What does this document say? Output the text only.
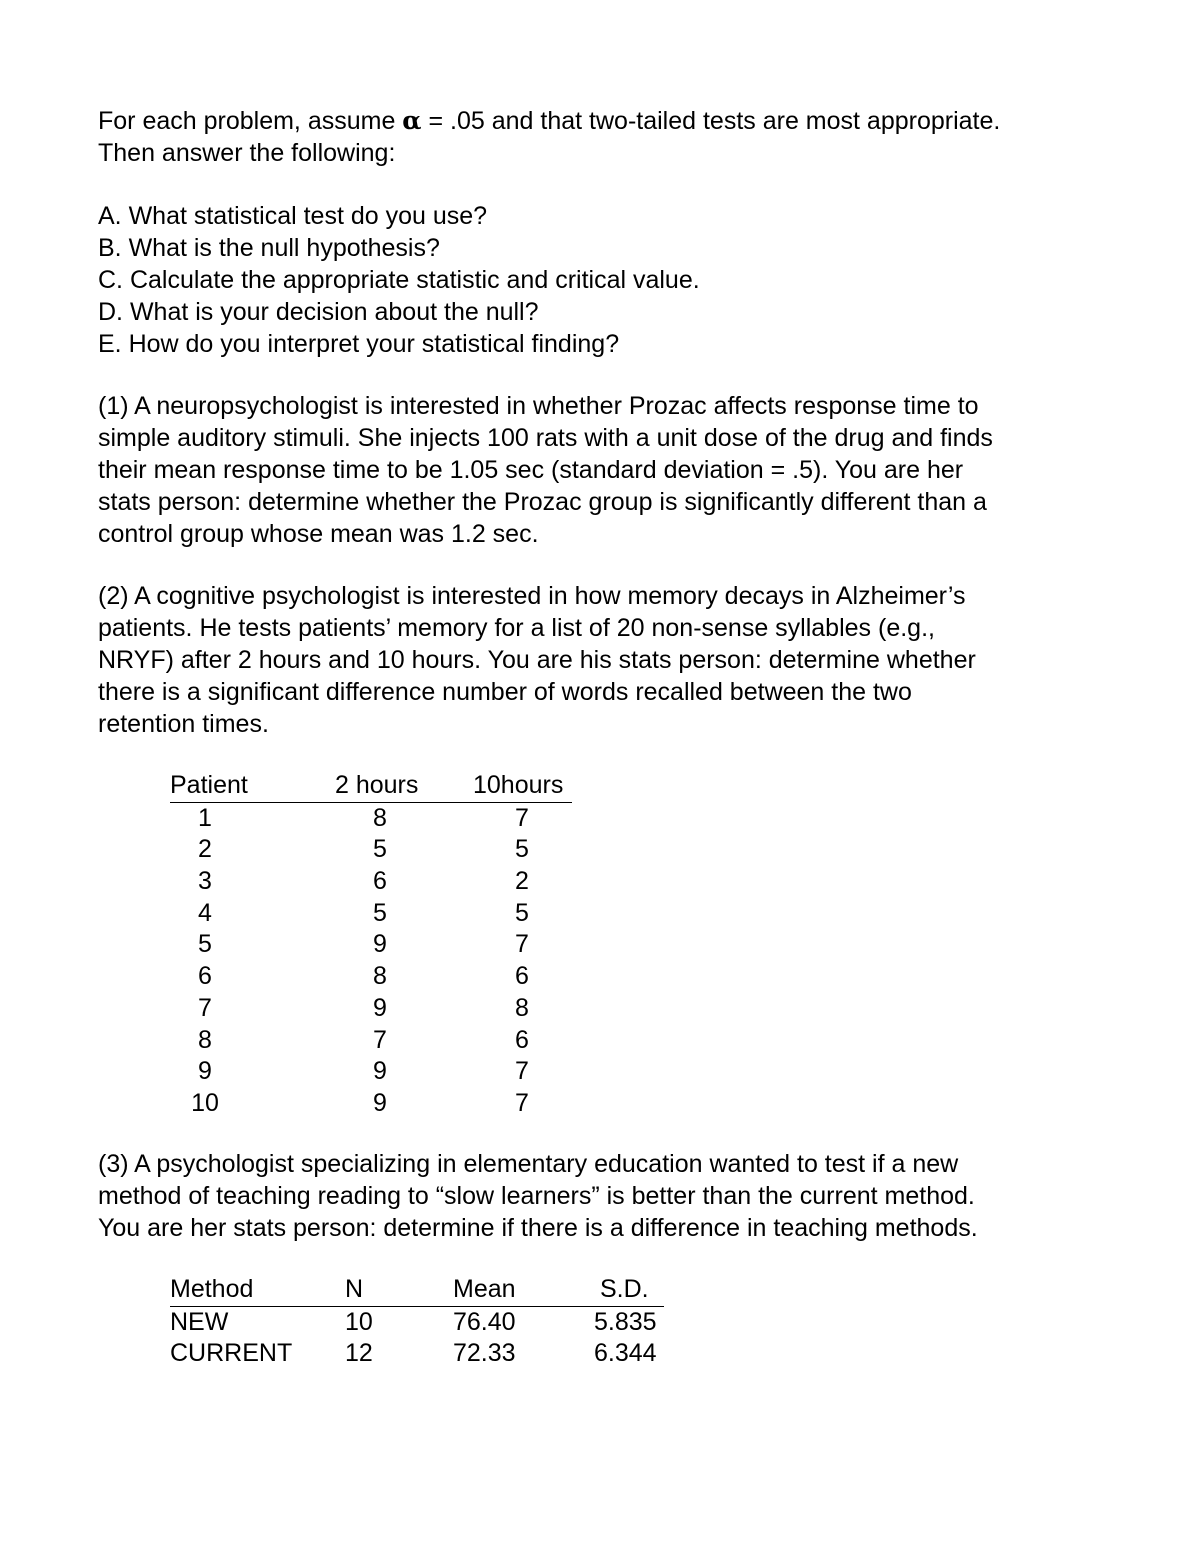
For each problem, assume α = .05 and that two-tailed tests are most appropriate.
Then answer the following:
A. What statistical test do you use?
B. What is the null hypothesis?
C. Calculate the appropriate statistic and critical value.
D. What is your decision about the null?
E. How do you interpret your statistical finding?
(1) A neuropsychologist is interested in whether Prozac affects response time to
simple auditory stimuli. She injects 100 rats with a unit dose of the drug and finds
their mean response time to be 1.05 sec (standard deviation = .5). You are her
stats person: determine whether the Prozac group is significantly different than a
control group whose mean was 1.2 sec.
(2) A cognitive psychologist is interested in how memory decays in Alzheimer’s
patients. He tests patients’ memory for a list of 20 non-sense syllables (e.g.,
NRYF) after 2 hours and 10 hours. You are his stats person: determine whether
there is a significant difference number of words recalled between the two
retention times.
Patient	2 hours	10hours
1	8	7
2	5	5
3	6	2
4	5	5
5	9	7
6	8	6
7	9	8
8	7	6
9	9	7
10	9	7
(3) A psychologist specializing in elementary education wanted to test if a new
method of teaching reading to “slow learners” is better than the current method.
You are her stats person: determine if there is a difference in teaching methods.
Method	N	Mean	S.D.
NEW	10	76.40	5.835
CURRENT	12	72.33	6.344
